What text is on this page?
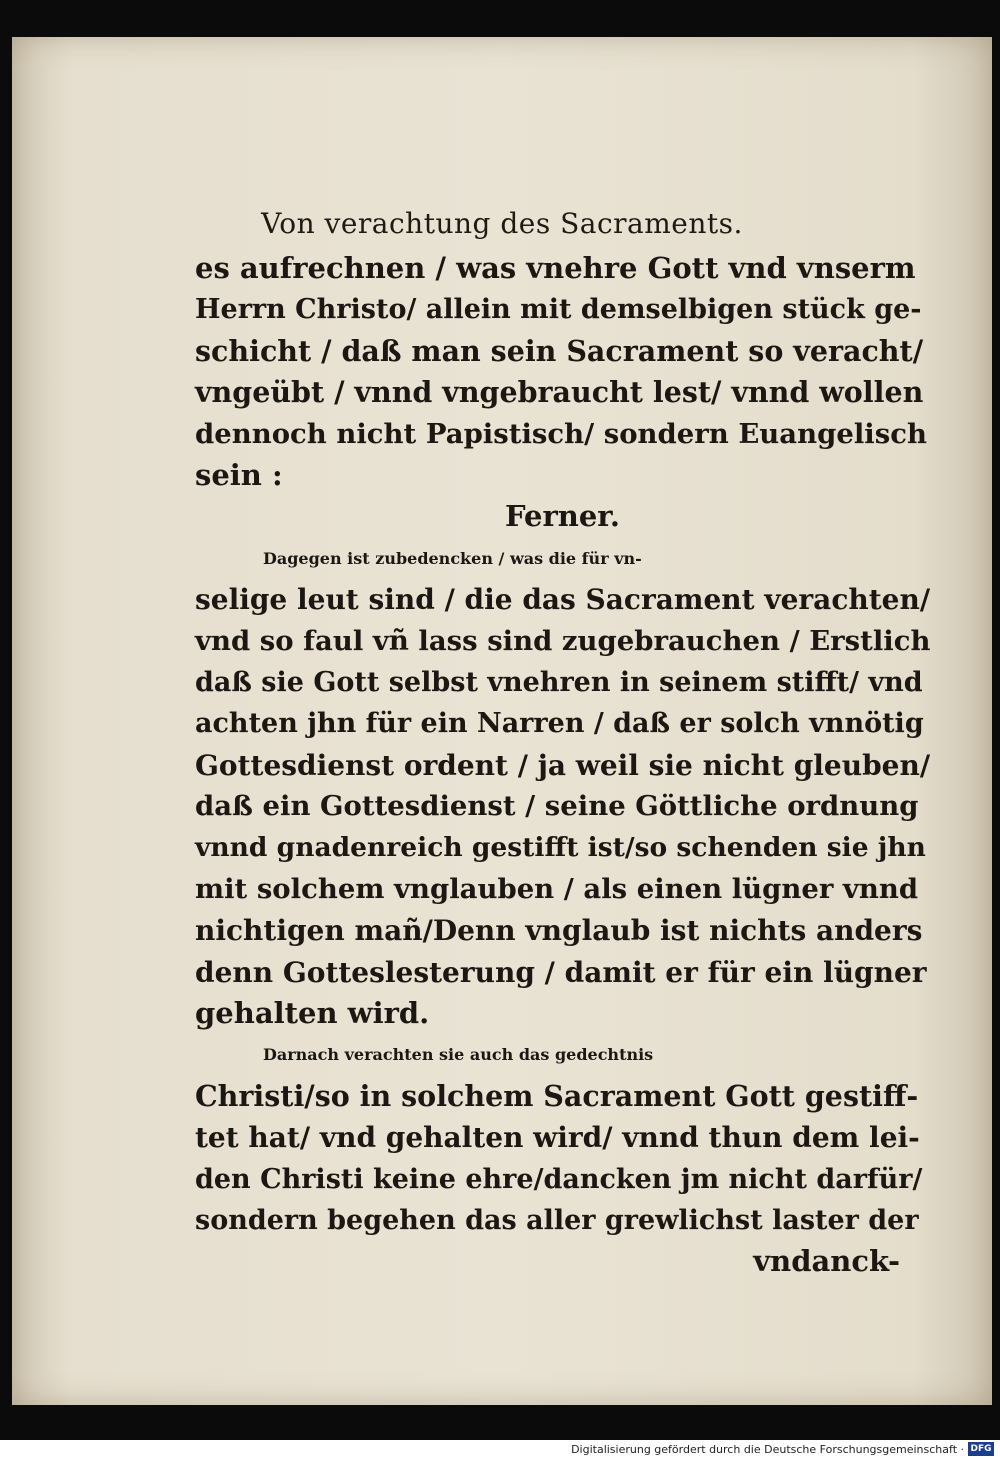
Von verachtung des Sacraments.
es aufrechnen / was vnehre Gott vnd vnserm
Herrn Christo/ allein mit demselbigen stück ge-
schicht / daß man sein Sacrament so veracht/
vngeübt / vnnd vngebraucht lest/ vnnd wollen
dennoch nicht Papistisch/ sondern Euangelisch
sein :
Ferner.
Dagegen ist zubedencken / was die für vn-
selige leut sind / die das Sacrament verachten/
vnd so faul vñ lass sind zugebrauchen / Erstlich
daß sie Gott selbst vnehren in seinem stifft/ vnd
achten jhn für ein Narren / daß er solch vnnötig
Gottesdienst ordent / ja weil sie nicht gleuben/
daß ein Gottesdienst / seine Göttliche ordnung
vnnd gnadenreich gestifft ist/so schenden sie jhn
mit solchem vnglauben / als einen lügner vnnd
nichtigen mañ/Denn vnglaub ist nichts anders
denn Gotteslesterung / damit er für ein lügner
gehalten wird.
Darnach verachten sie auch das gedechtnis
Christi/so in solchem Sacrament Gott gestiff-
tet hat/ vnd gehalten wird/ vnnd thun dem lei-
den Christi keine ehre/dancken jm nicht darfür/
sondern begehen das aller grewlichst laster der
vndanck-
Digitalisierung gefördert durch die Deutsche Forschungsgemeinschaft · DFG
